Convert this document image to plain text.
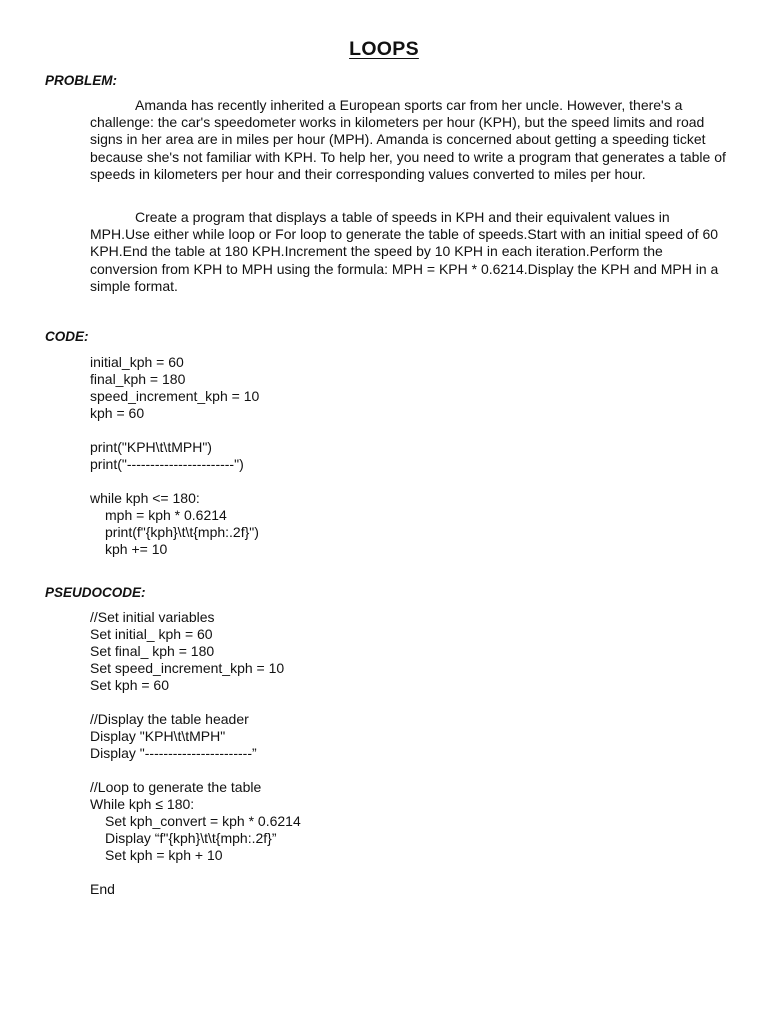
LOOPS
PROBLEM:

Amanda has recently inherited a European sports car from her uncle. However, there's a challenge: the car's speedometer works in kilometers per hour (KPH), but the speed limits and road signs in her area are in miles per hour (MPH). Amanda is concerned about getting a speeding ticket because she's not familiar with KPH. To help her, you need to write a program that generates a table of speeds in kilometers per hour and their corresponding values converted to miles per hour.

Create a program that displays a table of speeds in KPH and their equivalent values in MPH.Use either while loop or For loop to generate the table of speeds.Start with an initial speed of 60 KPH.End the table at 180 KPH.Increment the speed by 10 KPH in each iteration.Perform the conversion from KPH to MPH using the formula: MPH = KPH * 0.6214.Display the KPH and MPH in a simple format.

CODE:
initial_kph = 60
final_kph = 180
speed_increment_kph = 10
kph = 60
print("KPH\t\tMPH")
print("-----------------------")
while kph <= 180:
mph = kph * 0.6214
print(f"{kph}\t\t{mph:.2f}")
kph += 10
PSEUDOCODE:
//Set initial variables
Set initial_ kph = 60
Set final_ kph = 180
Set speed_increment_kph = 10
Set kph = 60
//Display the table header
Display "KPH\t\tMPH"
Display "-----------------------”
//Loop to generate the table
While kph ≤ 180:
Set kph_convert = kph * 0.6214
Display “f"{kph}\t\t{mph:.2f}”
Set kph = kph + 10
End
